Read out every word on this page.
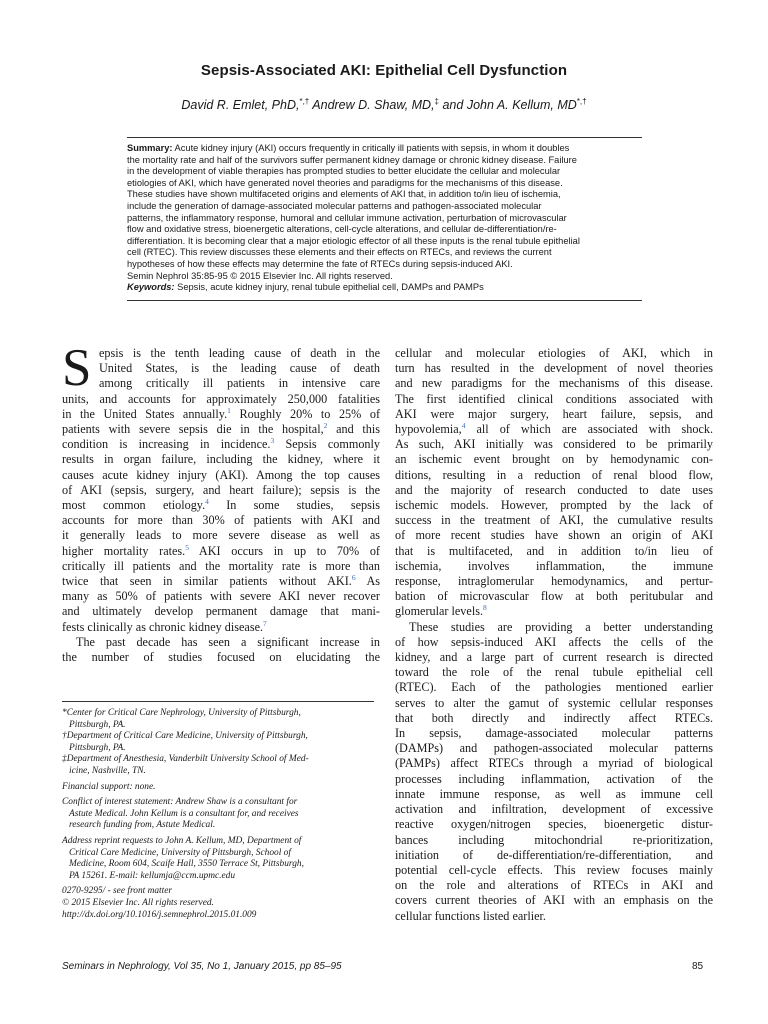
Sepsis-Associated AKI: Epithelial Cell Dysfunction
David R. Emlet, PhD,*,† Andrew D. Shaw, MD,‡ and John A. Kellum, MD*,†
Summary: Acute kidney injury (AKI) occurs frequently in critically ill patients with sepsis, in whom it doubles
the mortality rate and half of the survivors suffer permanent kidney damage or chronic kidney disease. Failure
in the development of viable therapies has prompted studies to better elucidate the cellular and molecular
etiologies of AKI, which have generated novel theories and paradigms for the mechanisms of this disease.
These studies have shown multifaceted origins and elements of AKI that, in addition to/in lieu of ischemia,
include the generation of damage-associated molecular patterns and pathogen-associated molecular
patterns, the inflammatory response, humoral and cellular immune activation, perturbation of microvascular
flow and oxidative stress, bioenergetic alterations, cell-cycle alterations, and cellular de-differentiation/re-
differentiation. It is becoming clear that a major etiologic effector of all these inputs is the renal tubule epithelial
cell (RTEC). This review discusses these elements and their effects on RTECs, and reviews the current
hypotheses of how these effects may determine the fate of RTECs during sepsis-induced AKI.
Semin Nephrol 35:85-95 © 2015 Elsevier Inc. All rights reserved.
Keywords: Sepsis, acute kidney injury, renal tubule epithelial cell, DAMPs and PAMPs
S epsis is the tenth leading cause of death in the
United States, is the leading cause of death
among critically ill patients in intensive care
units, and accounts for approximately 250,000 fatalities
in the United States annually.$^1$ Roughly 20% to 25% of
patients with severe sepsis die in the hospital,$^2$ and this
condition is increasing in incidence.$^3$ Sepsis commonly
results in organ failure, including the kidney, where it
causes acute kidney injury (AKI). Among the top causes
of AKI (sepsis, surgery, and heart failure); sepsis is the
most common etiology.$^4$ In some studies, sepsis
accounts for more than 30% of patients with AKI and
it generally leads to more severe disease as well as
higher mortality rates.$^5$ AKI occurs in up to 70% of
critically ill patients and the mortality rate is more than
twice that seen in similar patients without AKI.$^6$ As
many as 50% of patients with severe AKI never recover
and ultimately develop permanent damage that mani-
fests clinically as chronic kidney disease.$^7$
The past decade has seen a significant increase in
the number of studies focused on elucidating the
*Center for Critical Care Nephrology, University of Pittsburgh,
Pittsburgh, PA.
†Department of Critical Care Medicine, University of Pittsburgh,
Pittsburgh, PA.
‡Department of Anesthesia, Vanderbilt University School of Med-
icine, Nashville, TN.
Financial support: none.
Conflict of interest statement: Andrew Shaw is a consultant for
Astute Medical. John Kellum is a consultant for, and receives
research funding from, Astute Medical.
Address reprint requests to John A. Kellum, MD, Department of
Critical Care Medicine, University of Pittsburgh, School of
Medicine, Room 604, Scaife Hall, 3550 Terrace St, Pittsburgh,
PA 15261. E-mail: kellumja@ccm.upmc.edu
0270-9295/ - see front matter
© 2015 Elsevier Inc. All rights reserved.
http://dx.doi.org/10.1016/j.semnephrol.2015.01.009
cellular and molecular etiologies of AKI, which in
turn has resulted in the development of novel theories
and new paradigms for the mechanisms of this disease.
The first identified clinical conditions associated with
AKI were major surgery, heart failure, sepsis, and
hypovolemia,$^4$ all of which are associated with shock.
As such, AKI initially was considered to be primarily
an ischemic event brought on by hemodynamic con-
ditions, resulting in a reduction of renal blood flow,
and the majority of research conducted to date uses
ischemic models. However, prompted by the lack of
success in the treatment of AKI, the cumulative results
of more recent studies have shown an origin of AKI
that is multifaceted, and in addition to/in lieu of
ischemia, involves inflammation, the immune
response, intraglomerular hemodynamics, and pertur-
bation of microvascular flow at both peritubular and
glomerular levels.$^8$
These studies are providing a better understanding
of how sepsis-induced AKI affects the cells of the
kidney, and a large part of current research is directed
toward the role of the renal tubule epithelial cell
(RTEC). Each of the pathologies mentioned earlier
serves to alter the gamut of systemic cellular responses
that both directly and indirectly affect RTECs.
In sepsis, damage-associated molecular patterns
(DAMPs) and pathogen-associated molecular patterns
(PAMPs) affect RTECs through a myriad of biological
processes including inflammation, activation of the
innate immune response, as well as immune cell
activation and infiltration, development of excessive
reactive oxygen/nitrogen species, bioenergetic distur-
bances including mitochondrial re-prioritization,
initiation of de-differentiation/re-differentiation, and
potential cell-cycle effects. This review focuses mainly
on the role and alterations of RTECs in AKI and
covers current theories of AKI with an emphasis on the
cellular functions listed earlier.
Seminars in Nephrology, Vol 35, No 1, January 2015, pp 85–95	85
